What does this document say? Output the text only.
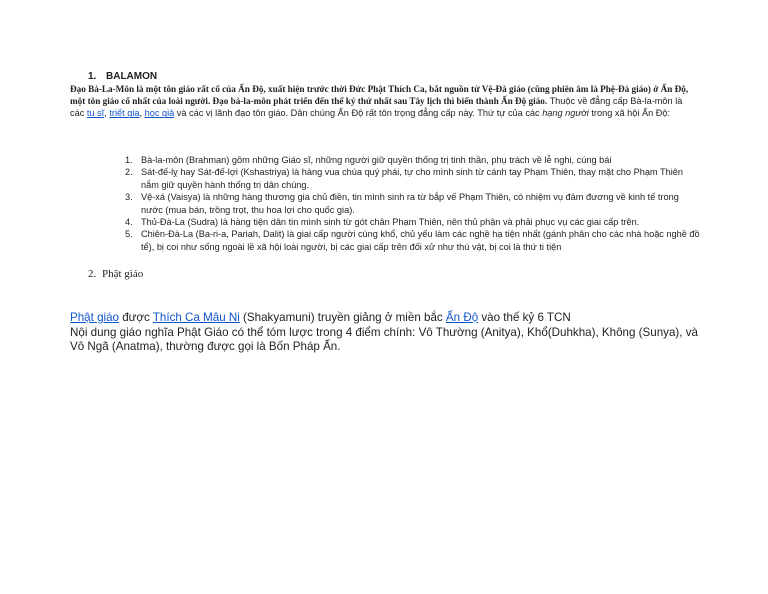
1. BALAMON

Đạo Bà-La-Môn là một tôn giáo rất cổ của Ấn Độ, xuất hiện trước thời Đức Phật Thích Ca, bắt nguồn từ Vệ-Đà giáo (cũng phiên âm là Phệ-Đà giáo) ở Ấn Độ, một tôn giáo cổ nhất của loài người. Đạo bà-la-môn phát triển đến thế kỷ thứ nhất sau Tây lịch thì biến thành Ấn Độ giáo. Thuộc về đẳng cấp Bà-la-môn là các tu sĩ, triết gia, học giả và các vị lãnh đạo tôn giáo. Dân chúng Ấn Độ rất tôn trọng đẳng cấp này. Thứ tự của các hạng người trong xã hội Ấn Độ:

1. Bà-la-môn (Brahman) gồm những Giáo sĩ, những người giữ quyền thống trị tinh thần, phụ trách về lễ nghi, cúng bái
2. Sát-đế-lỵ hay Sát-đế-lợi (Kshastriya) là hàng vua chúa quý phái, tự cho mình sinh từ cánh tay Phạm Thiên, thay mặt cho Phạm Thiên nắm giữ quyền hành thống trị dân chúng.
3. Vệ-xá (Vaisya) là những hàng thương gia chủ điền, tin mình sinh ra từ bắp vế Phạm Thiên, có nhiệm vụ đảm đương về kinh tế trong nước (mua bán, trồng trọt, thu hoa lợi cho quốc gia).
4. Thủ-Đà-La (Sudra) là hàng tiện dân tin mình sinh từ gót chân Phạm Thiên, nên thủ phận và phải phục vụ các giai cấp trên.
5. Chiên-Đà-La (Ba-ri-a, Pariah, Dalit) là giai cấp người cùng khổ, chủ yếu làm các nghề hạ tiện nhất (gánh phân cho các nhà hoặc nghề đồ tể), bị coi như sống ngoài lề xã hội loài người, bị các giai cấp trên đối xử như thú vật, bị coi là thứ ti tiện
2. Phật giáo

Phật giáo được Thích Ca Mâu Ni (Shakyamuni) truyền giảng ở miền bắc Ấn Độ vào thế kỷ 6 TCN
Nội dung giáo nghĩa Phật Giáo có thể tóm lược trong 4 điểm chính: Vô Thường (Anitya), Khổ(Duhkha), Không (Sunya), và Vô Ngã (Anatma), thường được gọi là Bốn Pháp Ấn.
